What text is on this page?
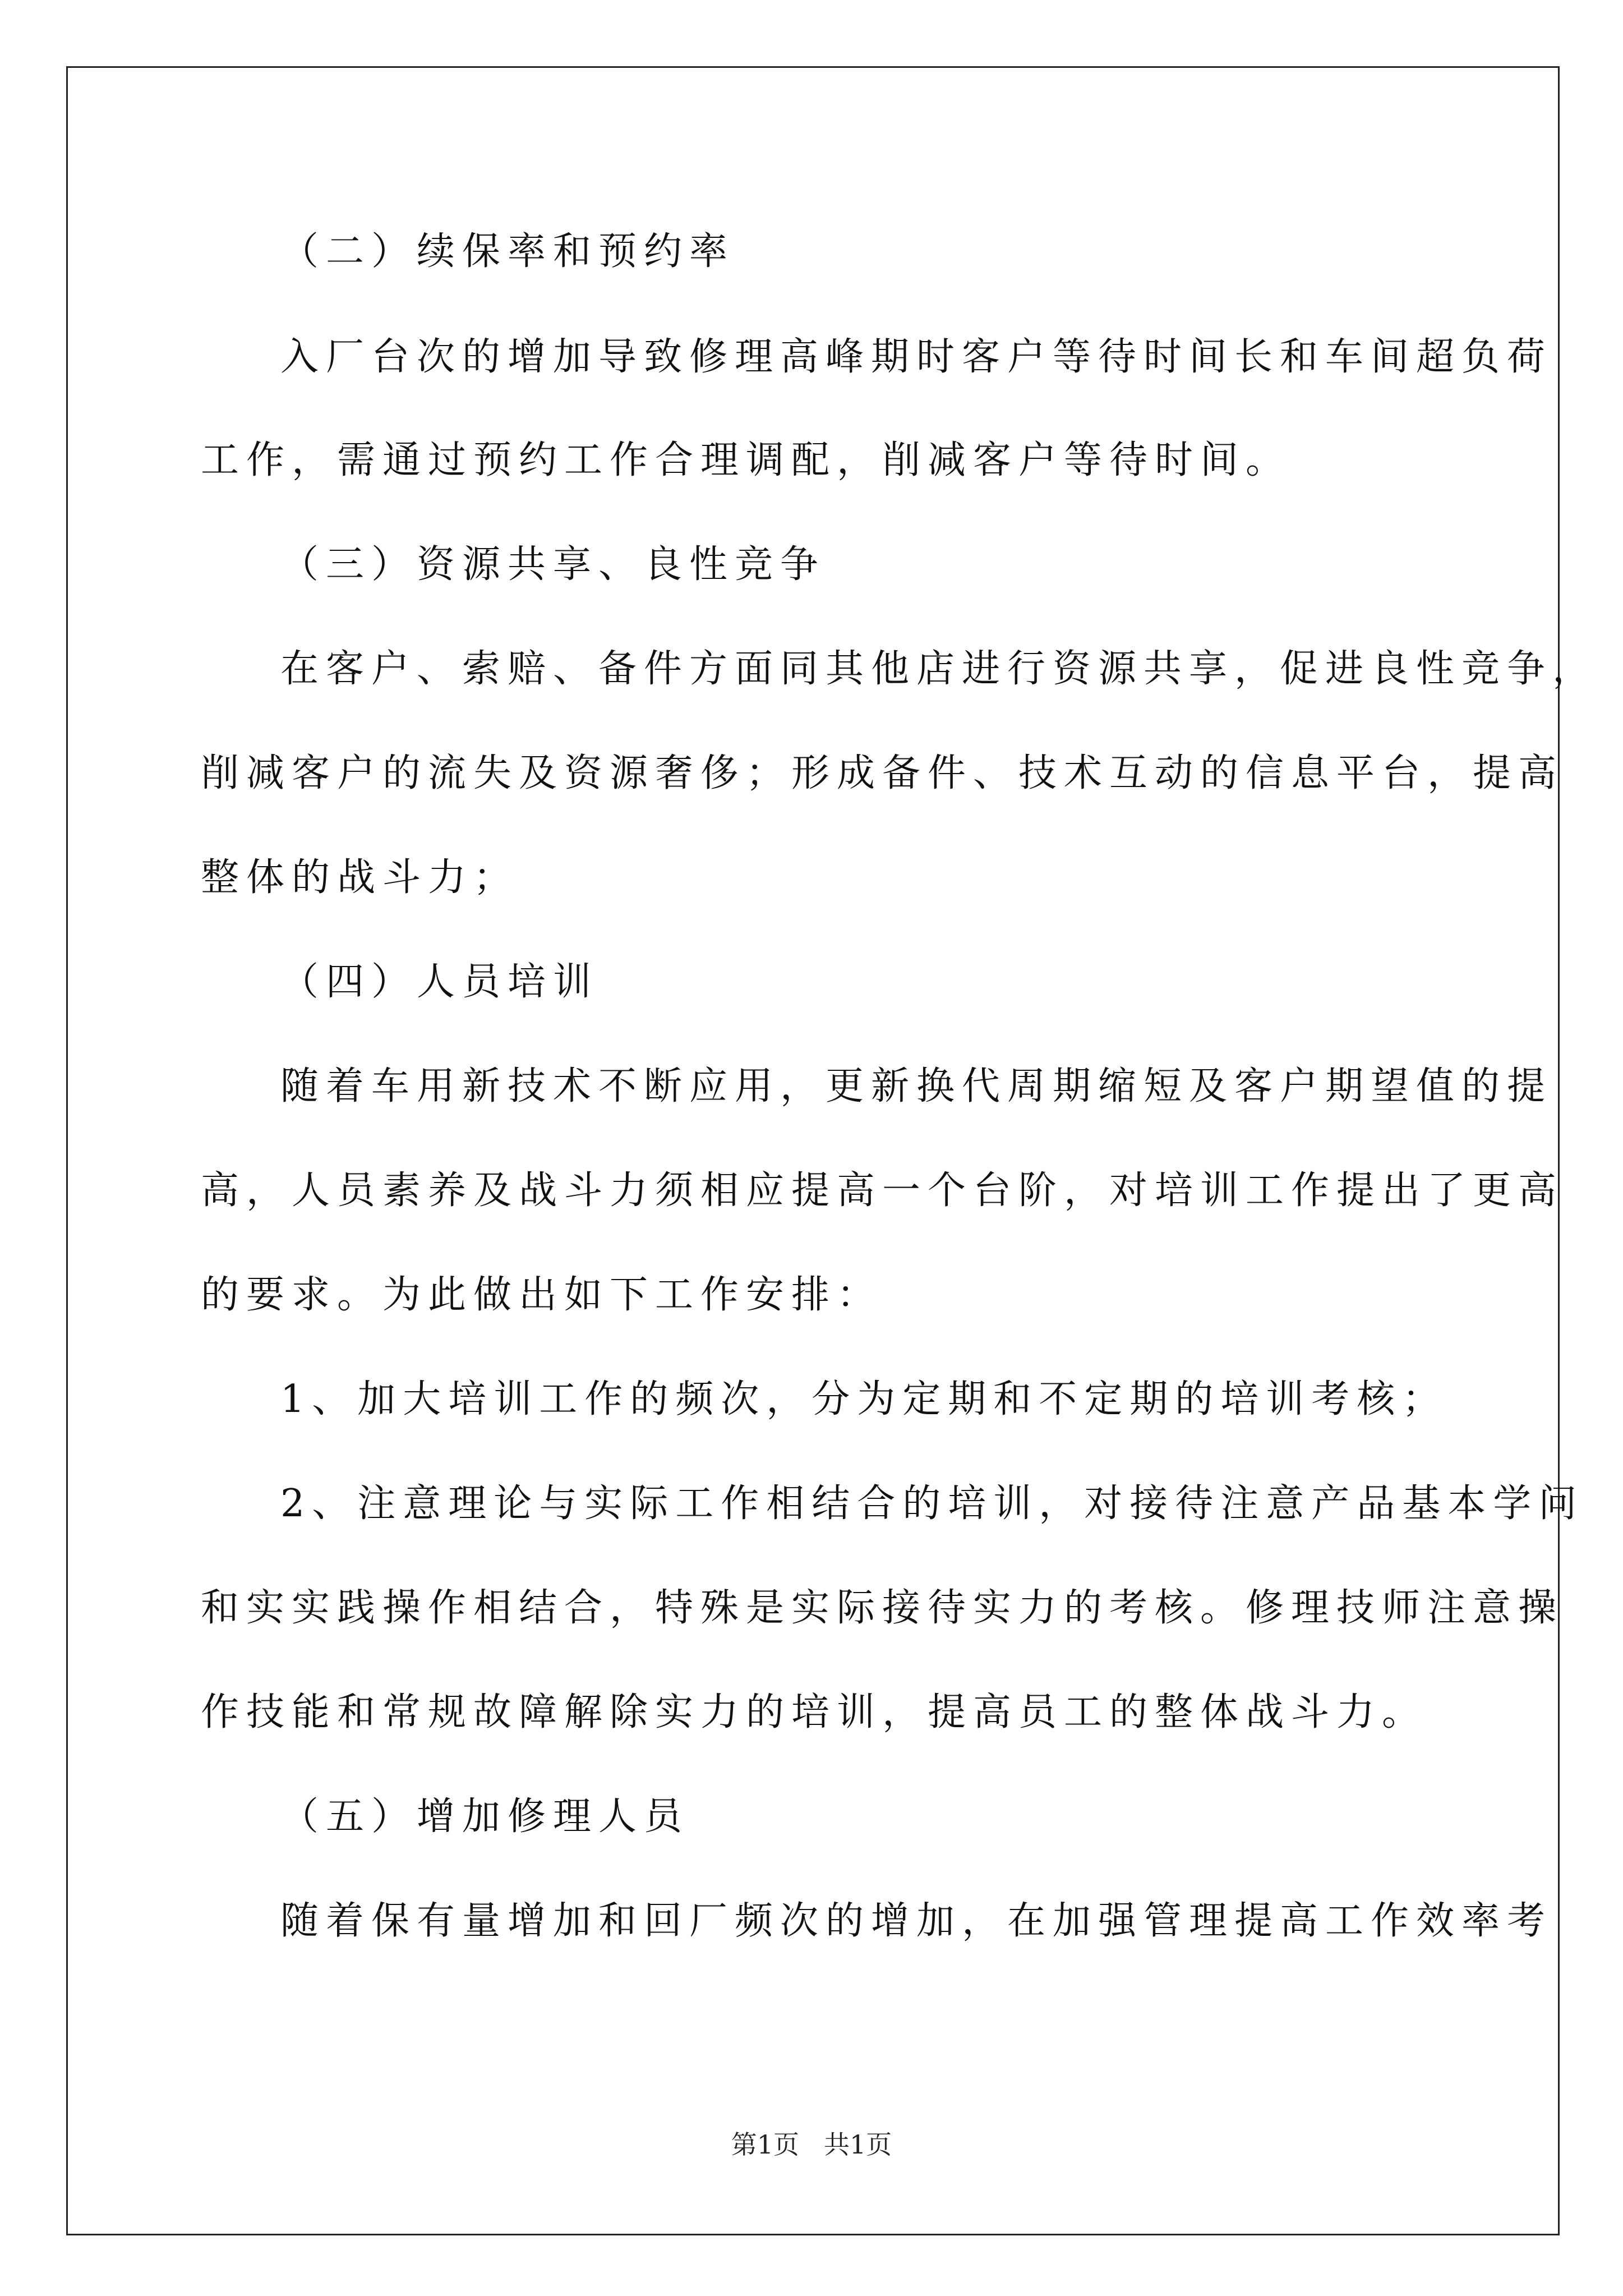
（二）续保率和预约率
入厂台次的增加导致修理高峰期时客户等待时间长和车间超负荷
工作，需通过预约工作合理调配，削减客户等待时间。
（三）资源共享、良性竞争
在客户、索赔、备件方面同其他店进行资源共享，促进良性竞争，
削减客户的流失及资源奢侈；形成备件、技术互动的信息平台，提高
整体的战斗力；
（四）人员培训
随着车用新技术不断应用，更新换代周期缩短及客户期望值的提
高，人员素养及战斗力须相应提高一个台阶，对培训工作提出了更高
的要求。为此做出如下工作安排：
1、加大培训工作的频次，分为定期和不定期的培训考核；
2、注意理论与实际工作相结合的培训，对接待注意产品基本学问
和实实践操作相结合，特殊是实际接待实力的考核。修理技师注意操
作技能和常规故障解除实力的培训，提高员工的整体战斗力。
（五）增加修理人员
随着保有量增加和回厂频次的增加，在加强管理提高工作效率考
第1页 共1页
